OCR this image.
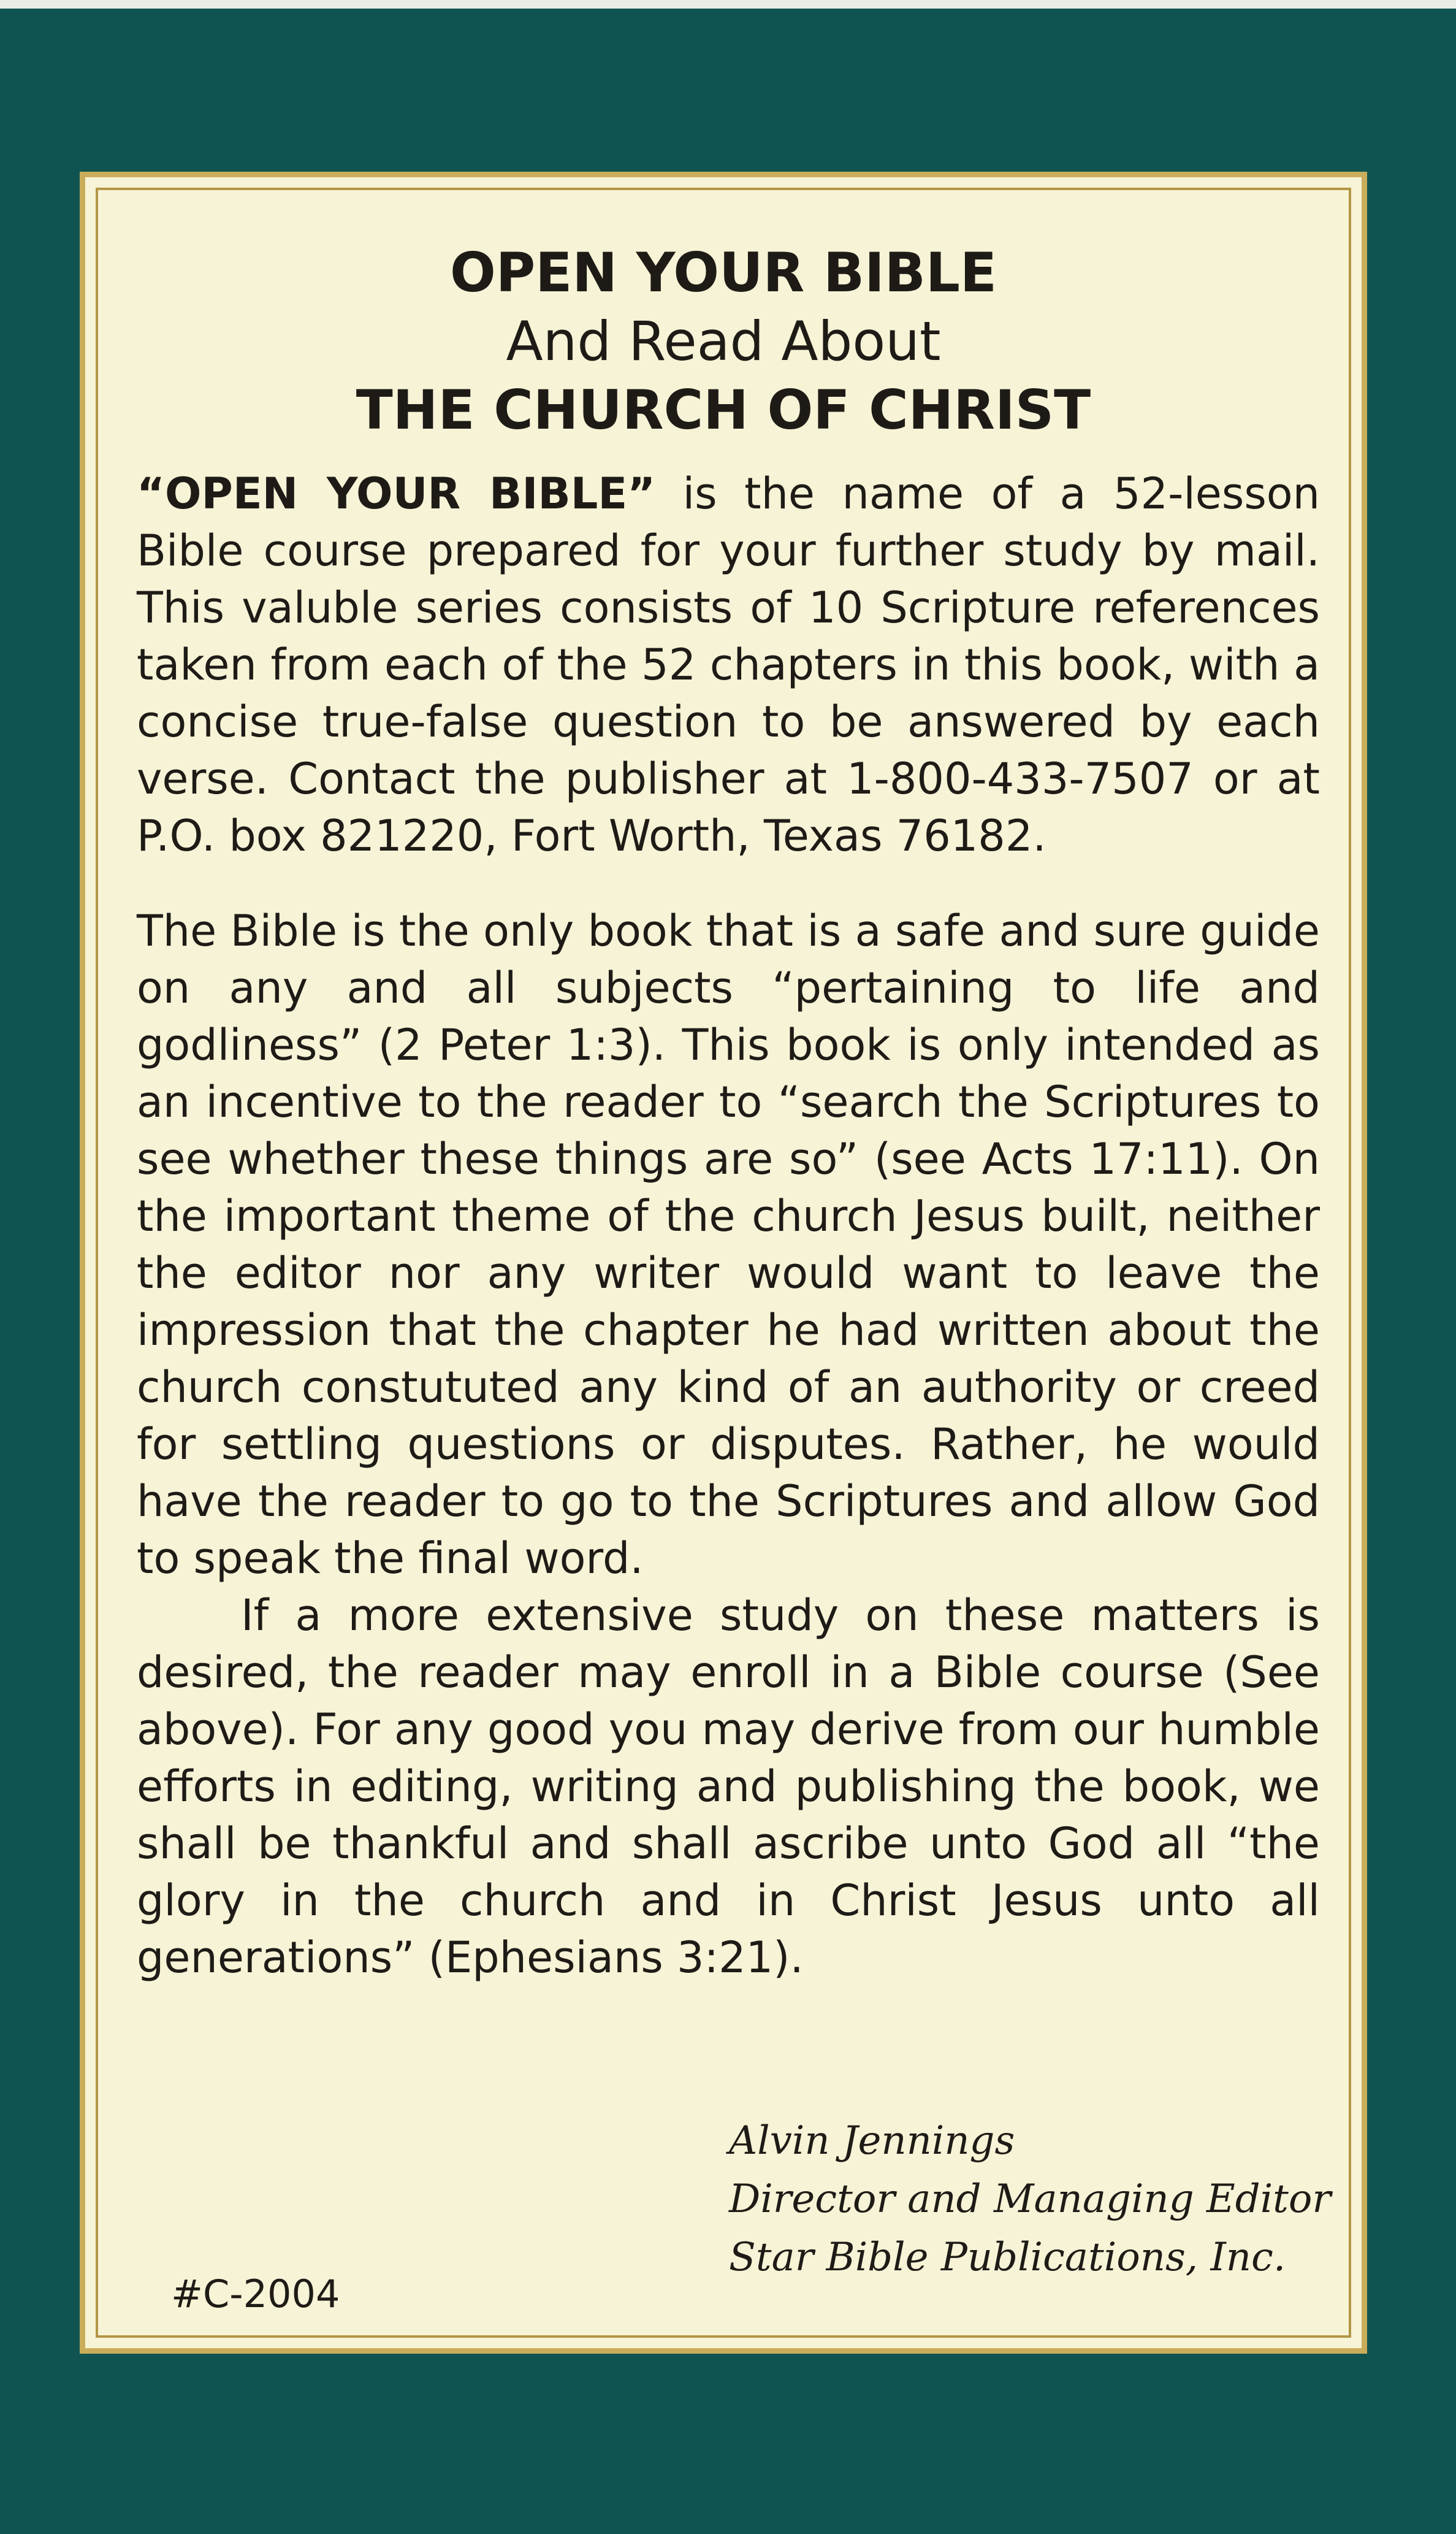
OPEN YOUR BIBLE
And Read About
THE CHURCH OF CHRIST

“OPEN YOUR BIBLE” is the name of a 52-lesson Bible course prepared for your further study by mail. This valuble series consists of 10 Scripture references taken from each of the 52 chapters in this book, with a concise true-false question to be answered by each verse. Contact the publisher at 1-800-433-7507 or at P.O. box 821220, Fort Worth, Texas 76182.

The Bible is the only book that is a safe and sure guide on any and all subjects “pertaining to life and godliness” (2 Peter 1:3). This book is only intended as an incentive to the reader to “search the Scriptures to see whether these things are so” (see Acts 17:11). On the important theme of the church Jesus built, neither the editor nor any writer would want to leave the impression that the chapter he had written about the church constututed any kind of an authority or creed for settling questions or disputes. Rather, he would have the reader to go to the Scriptures and allow God to speak the final word.

If a more extensive study on these matters is desired, the reader may enroll in a Bible course (See above). For any good you may derive from our humble efforts in editing, writing and publishing the book, we shall be thankful and shall ascribe unto God all “the glory in the church and in Christ Jesus unto all generations” (Ephesians 3:21).

Alvin Jennings
Director and Managing Editor
Star Bible Publications, Inc.
#C-2004
